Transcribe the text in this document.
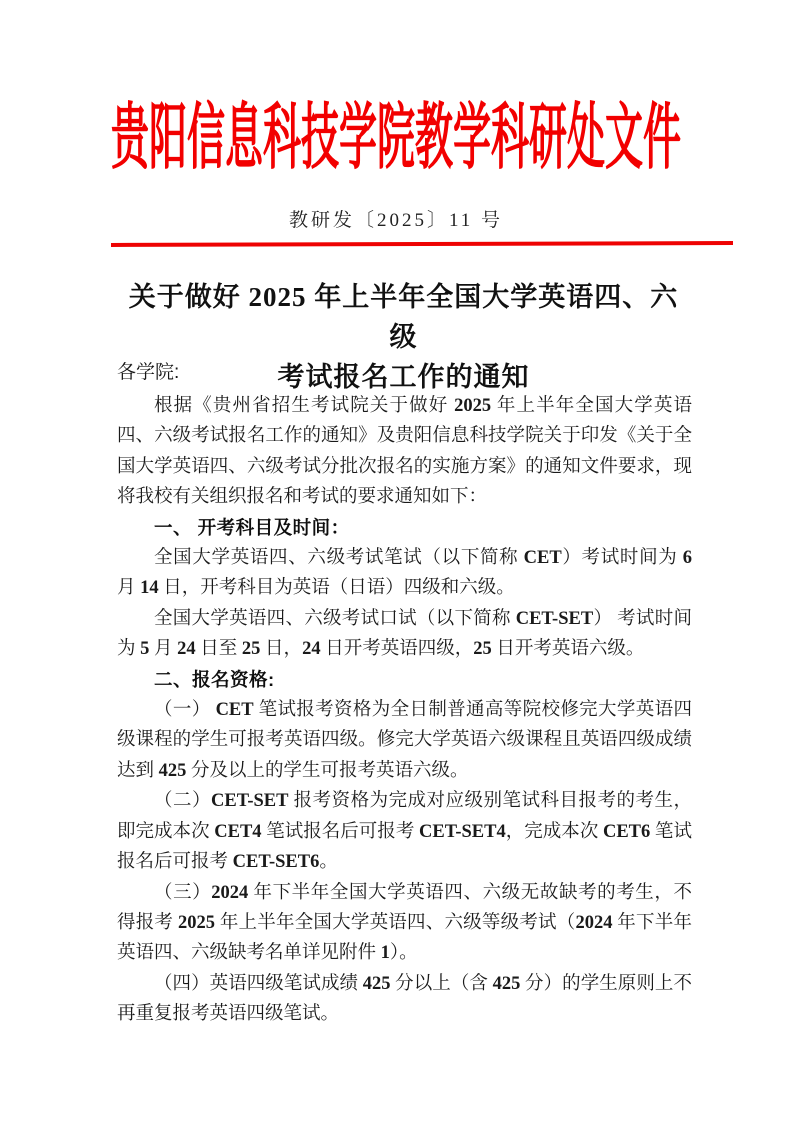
贵阳信息科技学院教学科研处文件
教研发〔2025〕11 号
关于做好 2025 年上半年全国大学英语四、六级
考试报名工作的通知
各学院:

根据《贵州省招生考试院关于做好 2025 年上半年全国大学英语四、六级考试报名工作的通知》及贵阳信息科技学院关于印发《关于全国大学英语四、六级考试分批次报名的实施方案》的通知文件要求，现将我校有关组织报名和考试的要求通知如下：

一、 开考科目及时间：

全国大学英语四、六级考试笔试（以下简称 CET）考试时间为 6 月 14 日，开考科目为英语（日语）四级和六级。

全国大学英语四、六级考试口试（以下简称 CET-SET） 考试时间为 5 月 24 日至 25 日，24 日开考英语四级，25 日开考英语六级。

二、报名资格:

（一） CET 笔试报考资格为全日制普通高等院校修完大学英语四级课程的学生可报考英语四级。修完大学英语六级课程且英语四级成绩达到 425 分及以上的学生可报考英语六级。

（二）CET-SET 报考资格为完成对应级别笔试科目报考的考生，即完成本次 CET4 笔试报名后可报考 CET-SET4，完成本次 CET6 笔试报名后可报考 CET-SET6。

（三）2024 年下半年全国大学英语四、六级无故缺考的考生，不得报考 2025 年上半年全国大学英语四、六级等级考试（2024 年下半年英语四、六级缺考名单详见附件 1）。

（四）英语四级笔试成绩 425 分以上（含 425 分）的学生原则上不再重复报考英语四级笔试。
